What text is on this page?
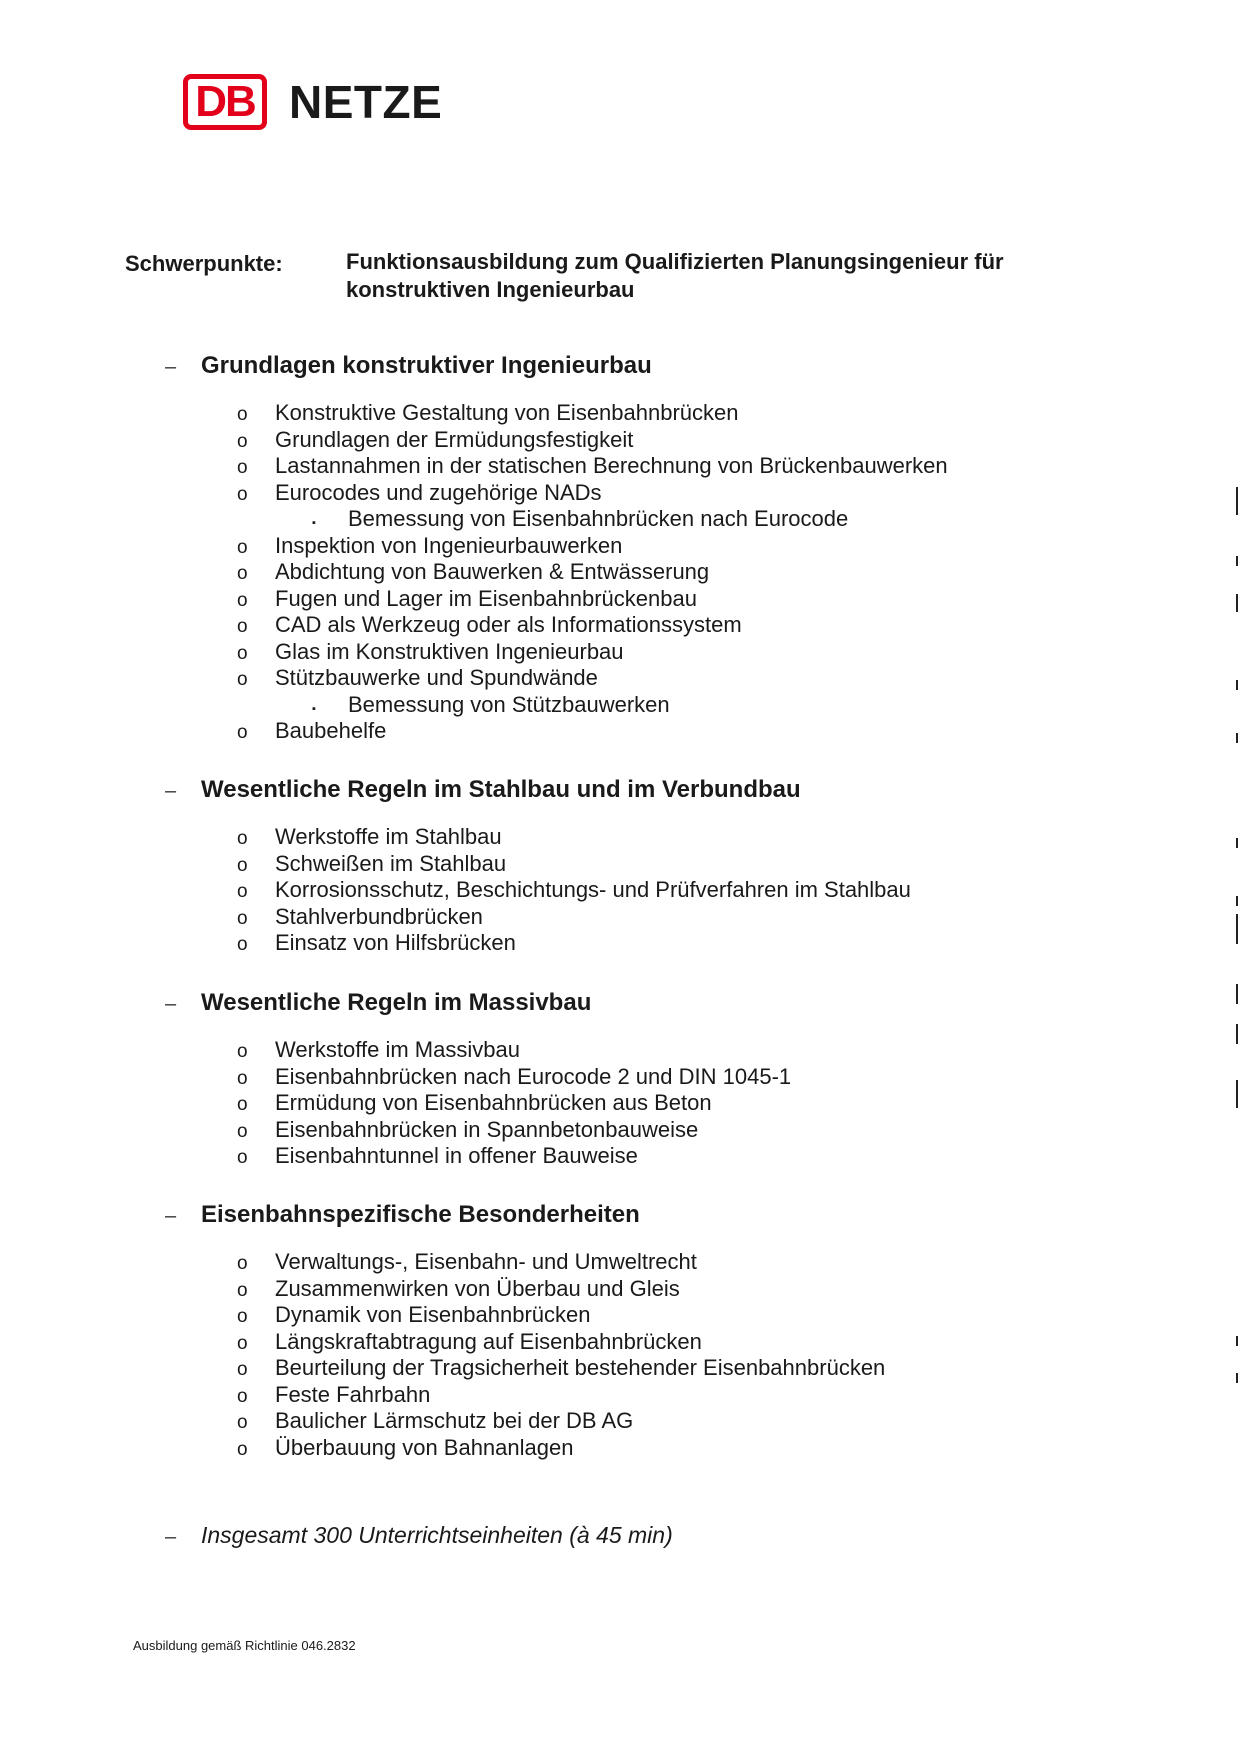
DB NETZE
Schwerpunkte:	Funktionsausbildung zum Qualifizierten Planungsingenieur für konstruktiven Ingenieurbau
–	Grundlagen konstruktiver Ingenieurbau
o	Konstruktive Gestaltung von Eisenbahnbrücken
o	Grundlagen der Ermüdungsfestigkeit
o	Lastannahmen in der statischen Berechnung von Brückenbauwerken
o	Eurocodes und zugehörige NADs
▪	Bemessung von Eisenbahnbrücken nach Eurocode
o	Inspektion von Ingenieurbauwerken
o	Abdichtung von Bauwerken & Entwässerung
o	Fugen und Lager im Eisenbahnbrückenbau
o	CAD als Werkzeug oder als Informationssystem
o	Glas im Konstruktiven Ingenieurbau
o	Stützbauwerke und Spundwände
▪	Bemessung von Stützbauwerken
o	Baubehelfe
–	Wesentliche Regeln im Stahlbau und im Verbundbau
o	Werkstoffe im Stahlbau
o	Schweißen im Stahlbau
o	Korrosionsschutz, Beschichtungs- und Prüfverfahren im Stahlbau
o	Stahlverbundbrücken
o	Einsatz von Hilfsbrücken
–	Wesentliche Regeln im Massivbau
o	Werkstoffe im Massivbau
o	Eisenbahnbrücken nach Eurocode 2 und DIN 1045-1
o	Ermüdung von Eisenbahnbrücken aus Beton
o	Eisenbahnbrücken in Spannbetonbauweise
o	Eisenbahntunnel in offener Bauweise
–	Eisenbahnspezifische Besonderheiten
o	Verwaltungs-, Eisenbahn- und Umweltrecht
o	Zusammenwirken von Überbau und Gleis
o	Dynamik von Eisenbahnbrücken
o	Längskraftabtragung auf Eisenbahnbrücken
o	Beurteilung der Tragsicherheit bestehender Eisenbahnbrücken
o	Feste Fahrbahn
o	Baulicher Lärmschutz bei der DB AG
o	Überbauung von Bahnanlagen
–	Insgesamt 300 Unterrichtseinheiten (à 45 min)
Ausbildung gemäß Richtlinie 046.2832
